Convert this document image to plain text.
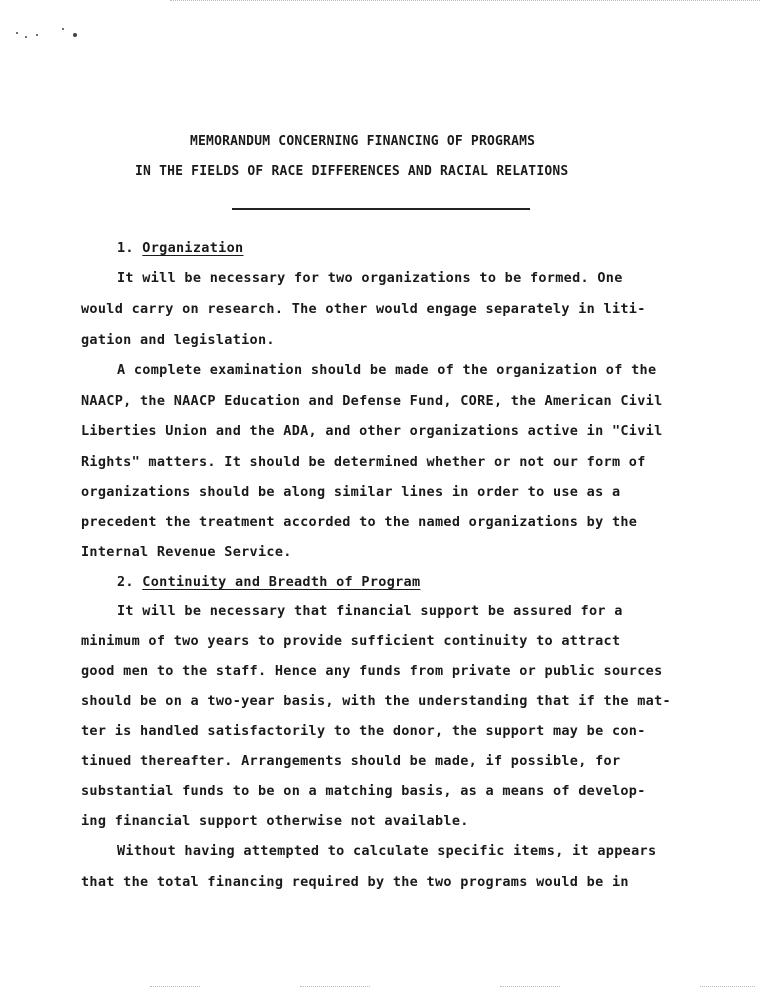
MEMORANDUM CONCERNING FINANCING OF PROGRAMS
IN THE FIELDS OF RACE DIFFERENCES AND RACIAL RELATIONS
1. Organization
It will be necessary for two organizations to be formed. One
would carry on research. The other would engage separately in liti-
gation and legislation.
A complete examination should be made of the organization of the
NAACP, the NAACP Education and Defense Fund, CORE, the American Civil
Liberties Union and the ADA, and other organizations active in "Civil
Rights" matters. It should be determined whether or not our form of
organizations should be along similar lines in order to use as a
precedent the treatment accorded to the named organizations by the
Internal Revenue Service.
2. Continuity and Breadth of Program
It will be necessary that financial support be assured for a
minimum of two years to provide sufficient continuity to attract
good men to the staff. Hence any funds from private or public sources
should be on a two-year basis, with the understanding that if the mat-
ter is handled satisfactorily to the donor, the support may be con-
tinued thereafter. Arrangements should be made, if possible, for
substantial funds to be on a matching basis, as a means of develop-
ing financial support otherwise not available.
Without having attempted to calculate specific items, it appears
that the total financing required by the two programs would be in
